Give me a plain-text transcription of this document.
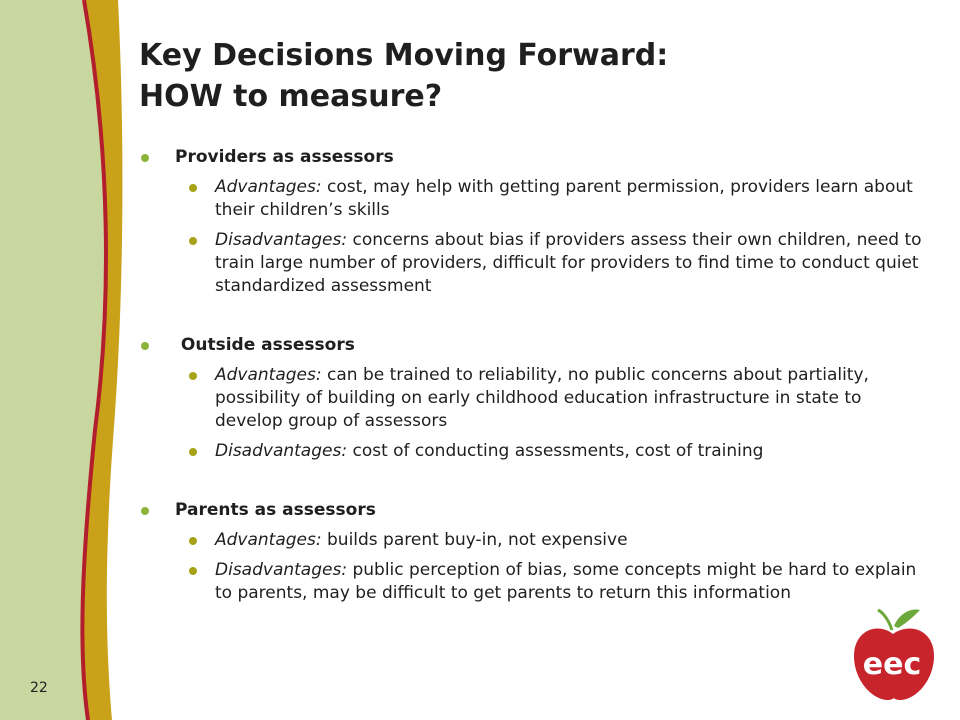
Key Decisions Moving Forward:
HOW to measure?
Providers as assessors
Advantages: cost, may help with getting parent permission, providers learn about their children’s skills
Disadvantages: concerns about bias if providers assess their own children, need to train large number of providers, difficult for providers to find time to conduct quiet standardized assessment
Outside assessors
Advantages: can be trained to reliability, no public concerns about partiality, possibility of building on early childhood education infrastructure in state to develop group of assessors
Disadvantages: cost of conducting assessments, cost of training
Parents as assessors
Advantages: builds parent buy-in, not expensive
Disadvantages: public perception of bias, some concepts might be hard to explain to parents, may be difficult to get parents to return this information
22
eec
